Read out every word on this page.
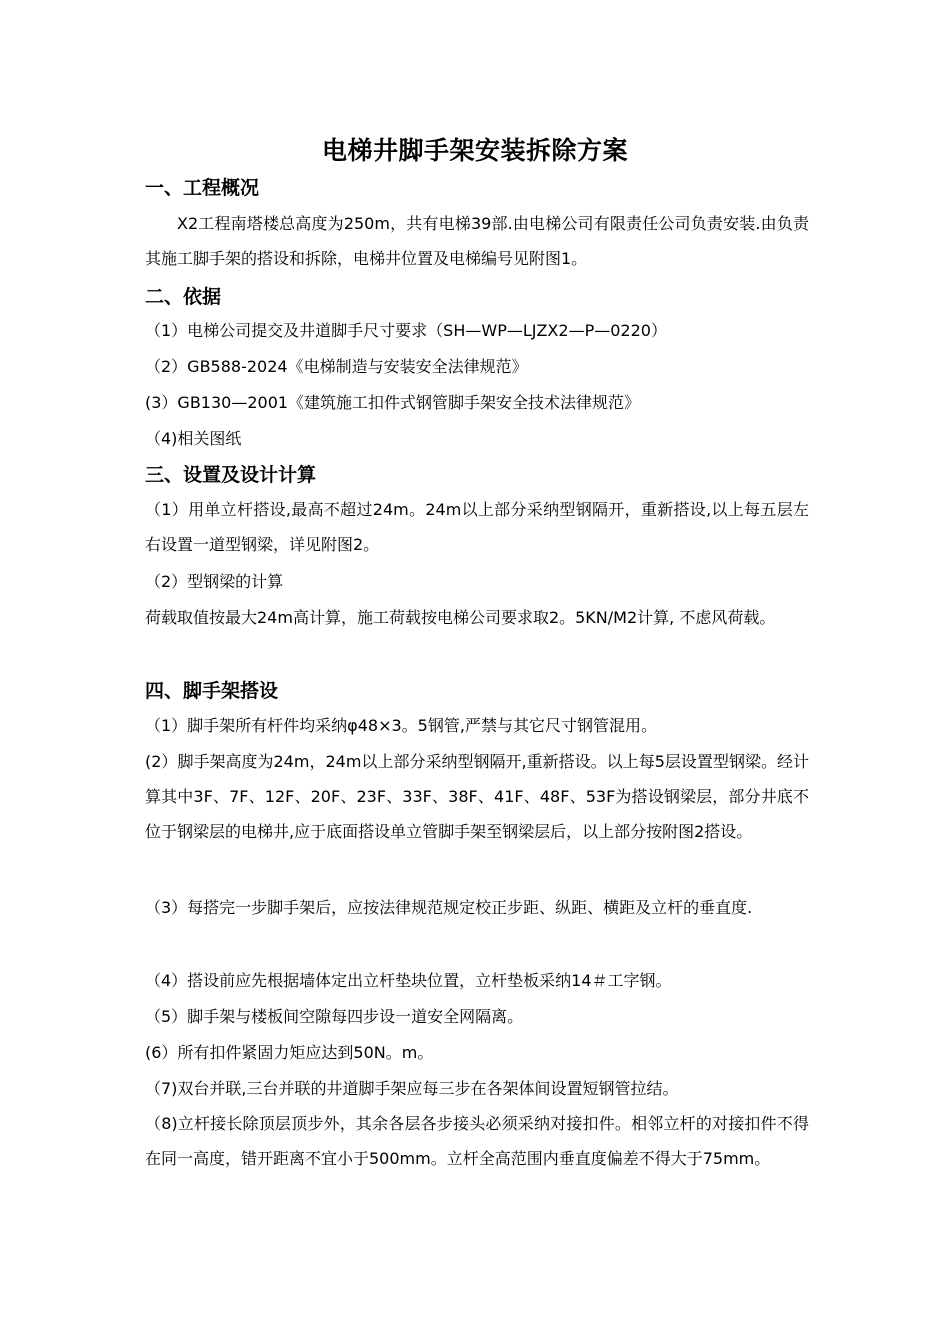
电梯井脚手架安装拆除方案
一、工程概况
X2工程南塔楼总高度为250m，共有电梯39部.由电梯公司有限责任公司负责安装.由负责其施工脚手架的搭设和拆除，电梯井位置及电梯编号见附图1。
二、依据
（1）电梯公司提交及井道脚手尺寸要求（SH—WP—LJZX2—P—0220）
（2）GB588-2024《电梯制造与安装安全法律规范》
(3）GB130—2001《建筑施工扣件式钢管脚手架安全技术法律规范》
（4)相关图纸
三、设置及设计计算
（1）用单立杆搭设,最高不超过24m。24m以上部分采纳型钢隔开，重新搭设,以上每五层左右设置一道型钢梁，详见附图2。
（2）型钢梁的计算
荷载取值按最大24m高计算，施工荷载按电梯公司要求取2。5KN/M2计算, 不虑风荷载。
四、脚手架搭设
（1）脚手架所有杆件均采纳φ48×3。5钢管,严禁与其它尺寸钢管混用。
(2）脚手架高度为24m，24m以上部分采纳型钢隔开,重新搭设。以上每5层设置型钢梁。经计算其中3F、7F、12F、20F、23F、33F、38F、41F、48F、53F为搭设钢梁层，部分井底不位于钢梁层的电梯井,应于底面搭设单立管脚手架至钢梁层后，以上部分按附图2搭设。
（3）每搭完一步脚手架后，应按法律规范规定校正步距、纵距、横距及立杆的垂直度.
（4）搭设前应先根据墙体定出立杆垫块位置，立杆垫板采纳14＃工字钢。
（5）脚手架与楼板间空隙每四步设一道安全网隔离。
(6）所有扣件紧固力矩应达到50N。m。
（7)双台并联,三台并联的井道脚手架应每三步在各架体间设置短钢管拉结。
（8)立杆接长除顶层顶步外，其余各层各步接头必须采纳对接扣件。相邻立杆的对接扣件不得在同一高度，错开距离不宜小于500mm。立杆全高范围内垂直度偏差不得大于75mm。
